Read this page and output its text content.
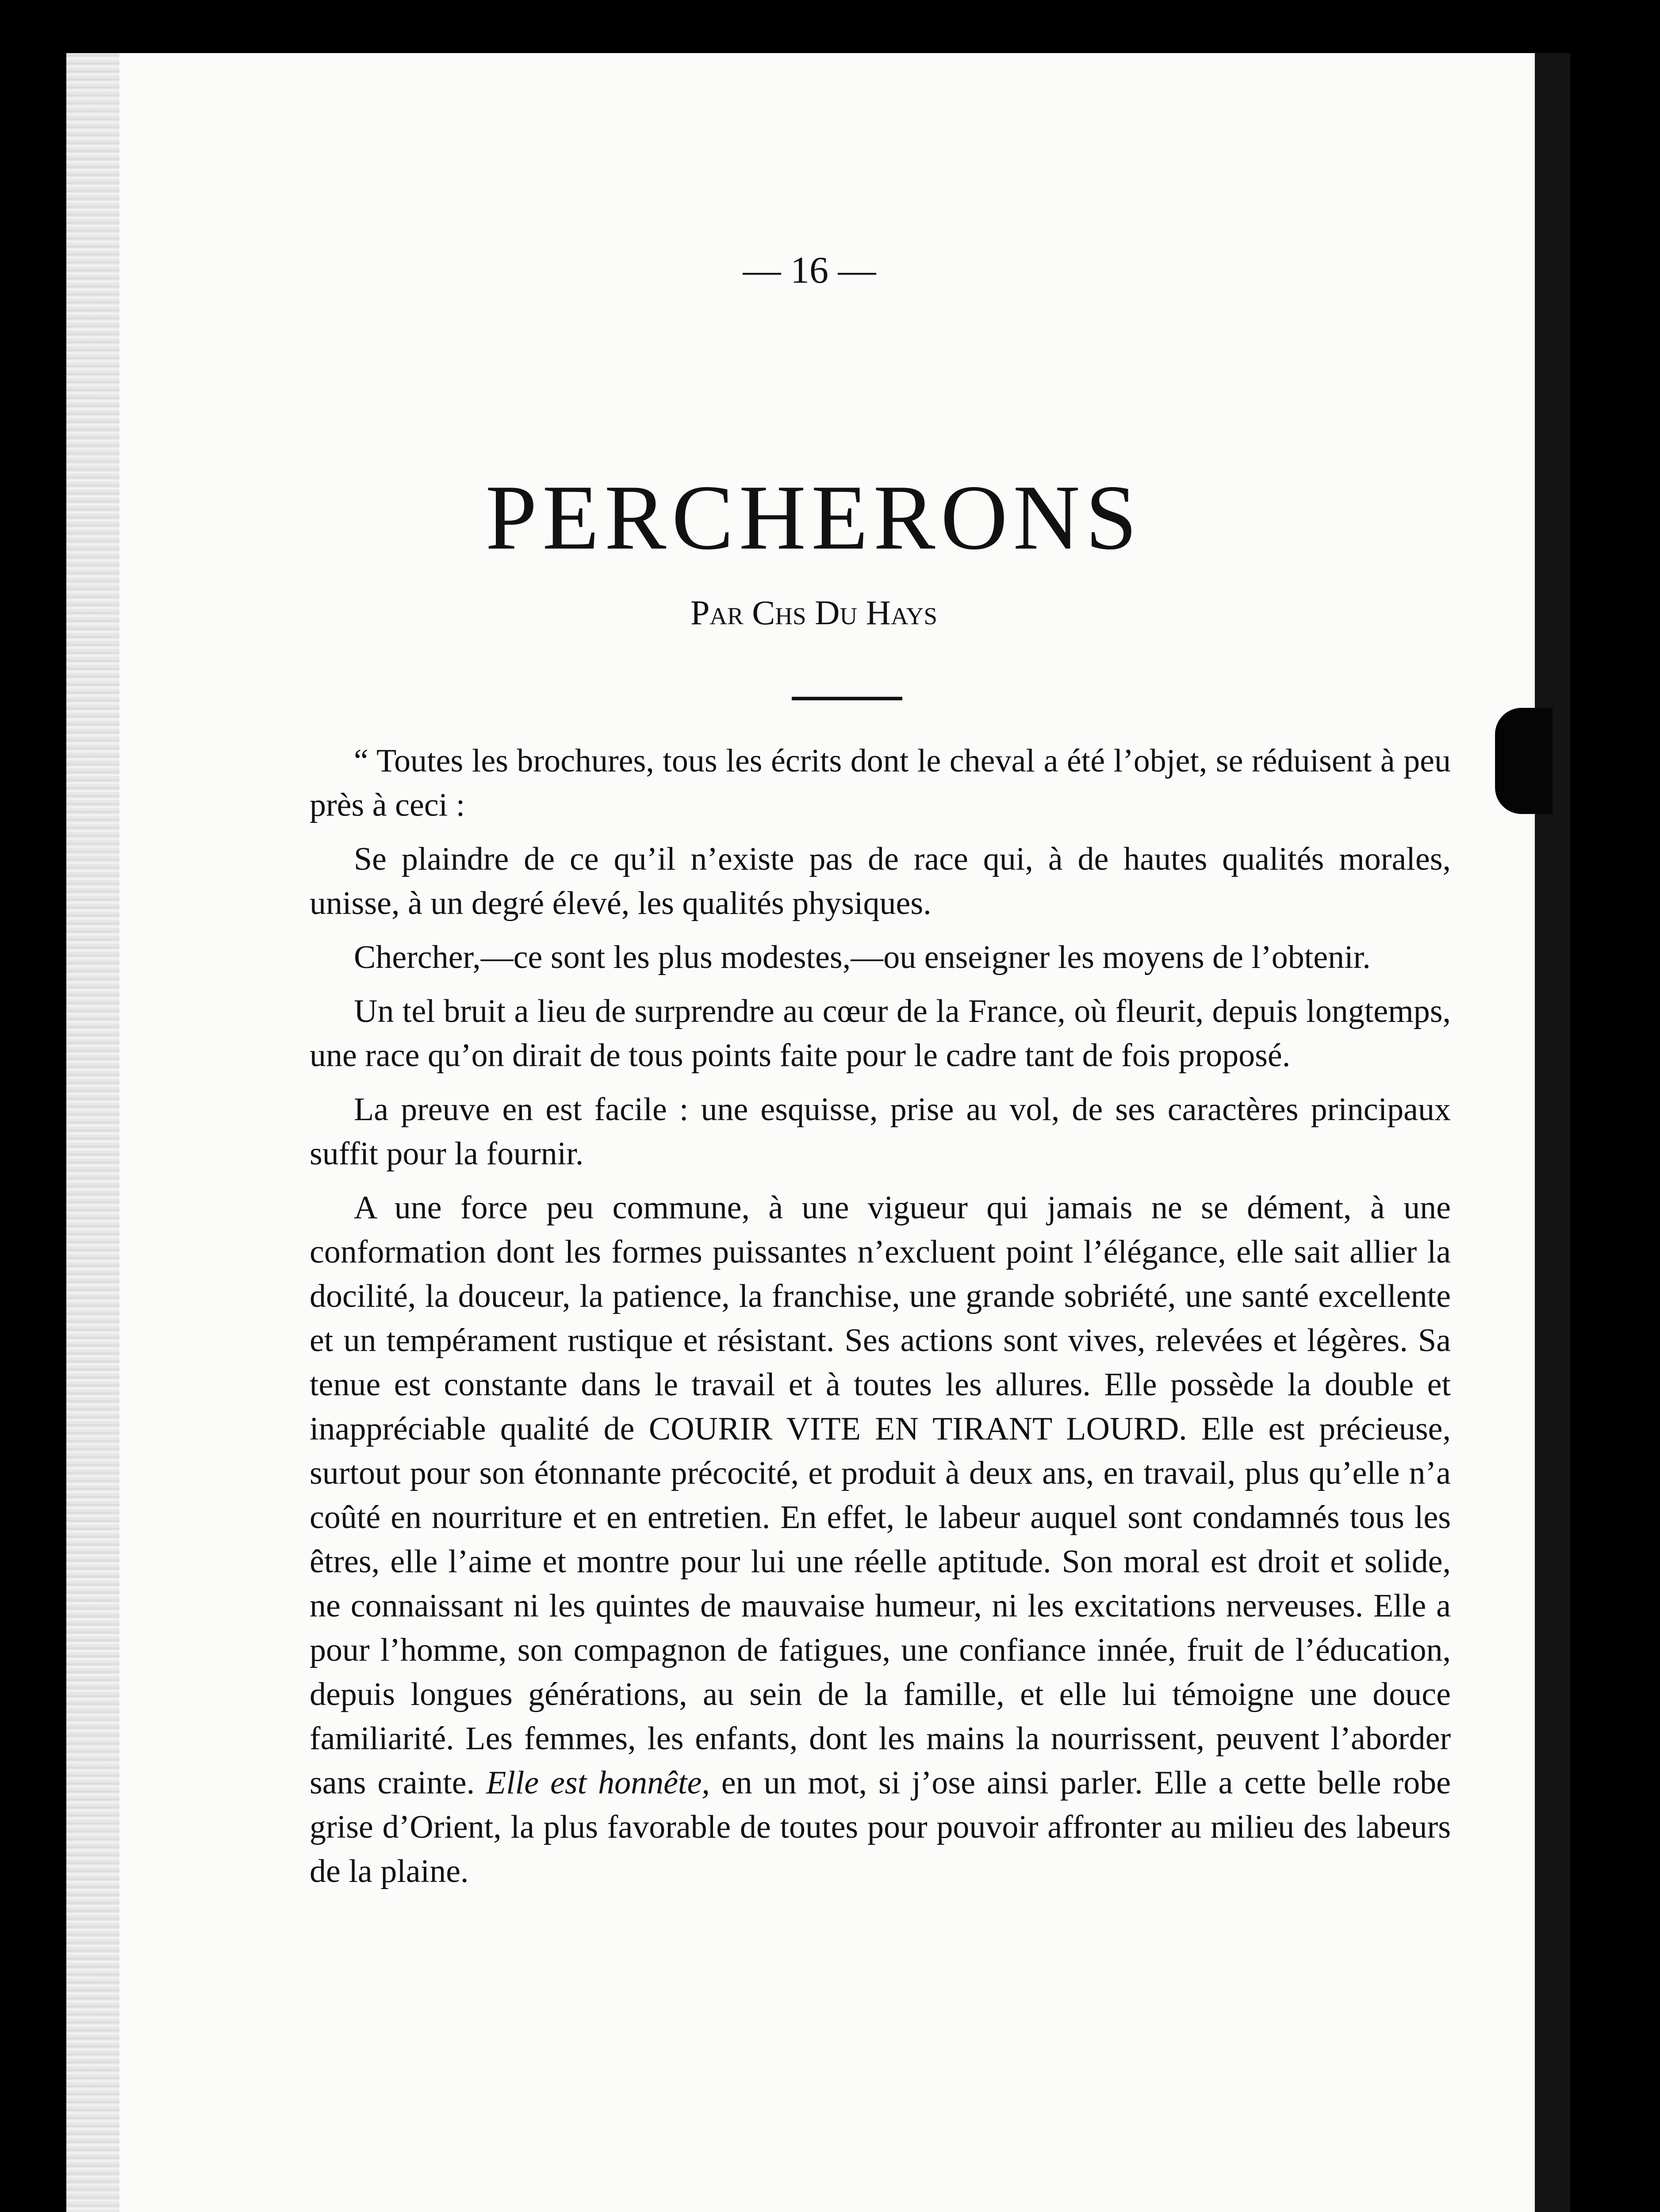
— 16 —

PERCHERONS

Par Chs Du Hays

“ Toutes les brochures, tous les écrits dont le cheval a été l’objet, se réduisent à peu près à ceci :

Se plaindre de ce qu’il n’existe pas de race qui, à de hautes qualités morales, unisse, à un degré élevé, les qualités physiques.

Chercher,—ce sont les plus modestes,—ou enseigner les moyens de l’obtenir.

Un tel bruit a lieu de surprendre au cœur de la France, où fleurit, depuis longtemps, une race qu’on dirait de tous points faite pour le cadre tant de fois proposé.

La preuve en est facile : une esquisse, prise au vol, de ses caractères principaux suffit pour la fournir.

A une force peu commune, à une vigueur qui jamais ne se dément, à une conformation dont les formes puissantes n’excluent point l’élégance, elle sait allier la docilité, la douceur, la patience, la franchise, une grande sobriété, une santé excellente et un tempérament rustique et résistant. Ses actions sont vives, relevées et légères. Sa tenue est constante dans le travail et à toutes les allures. Elle possède la double et inappréciable qualité de COURIR VITE EN TIRANT LOURD. Elle est précieuse, surtout pour son étonnante précocité, et produit à deux ans, en travail, plus qu’elle n’a coûté en nourriture et en entretien. En effet, le labeur auquel sont condamnés tous les êtres, elle l’aime et montre pour lui une réelle aptitude. Son moral est droit et solide, ne connaissant ni les quintes de mauvaise humeur, ni les excitations nerveuses. Elle a pour l’homme, son compagnon de fatigues, une confiance innée, fruit de l’éducation, depuis longues générations, au sein de la famille, et elle lui témoigne une douce familiarité. Les femmes, les enfants, dont les mains la nourrissent, peuvent l’aborder sans crainte. Elle est honnête, en un mot, si j’ose ainsi parler. Elle a cette belle robe grise d’Orient, la plus favorable de toutes pour pouvoir affronter au milieu des labeurs de la plaine.
